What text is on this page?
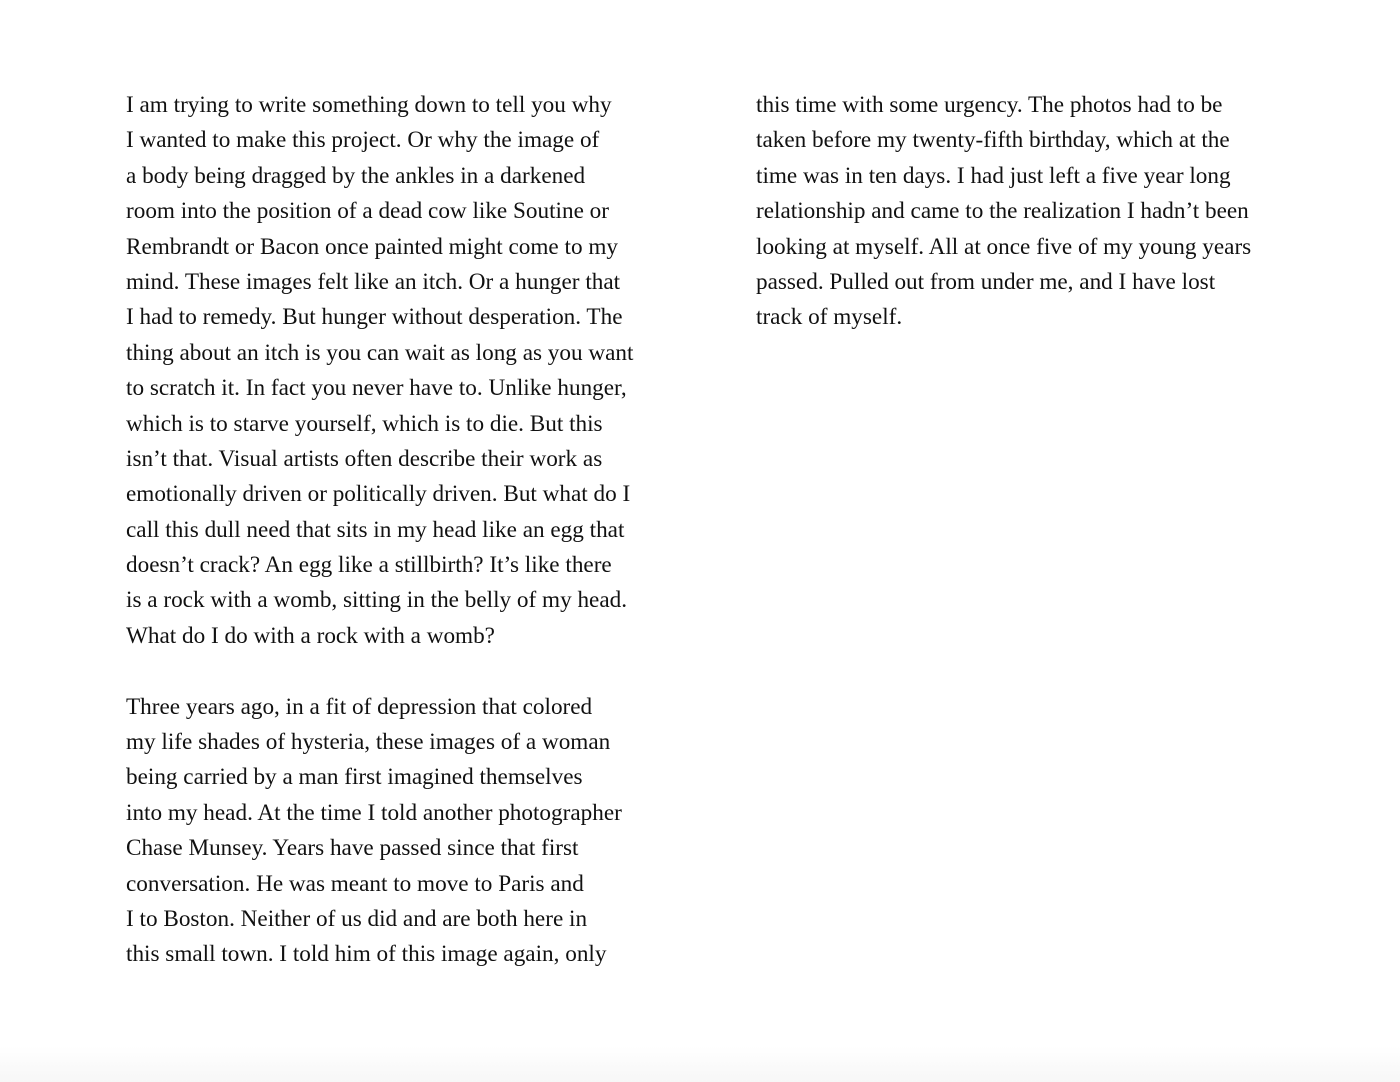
I am trying to write something down to tell you why
I wanted to make this project. Or why the image of
a body being dragged by the ankles in a darkened
room into the position of a dead cow like Soutine or
Rembrandt or Bacon once painted might come to my
mind. These images felt like an itch. Or a hunger that
I had to remedy. But hunger without desperation. The
thing about an itch is you can wait as long as you want
to scratch it. In fact you never have to. Unlike hunger,
which is to starve yourself, which is to die. But this
isn’t that. Visual artists often describe their work as
emotionally driven or politically driven. But what do I
call this dull need that sits in my head like an egg that
doesn’t crack? An egg like a stillbirth? It’s like there
is a rock with a womb, sitting in the belly of my head.
What do I do with a rock with a womb?
Three years ago, in a fit of depression that colored
my life shades of hysteria, these images of a woman
being carried by a man first imagined themselves
into my head. At the time I told another photographer
Chase Munsey. Years have passed since that first
conversation. He was meant to move to Paris and
I to Boston. Neither of us did and are both here in
this small town. I told him of this image again, only
this time with some urgency. The photos had to be
taken before my twenty-fifth birthday, which at the
time was in ten days. I had just left a five year long
relationship and came to the realization I hadn’t been
looking at myself. All at once five of my young years
passed. Pulled out from under me, and I have lost
track of myself.
